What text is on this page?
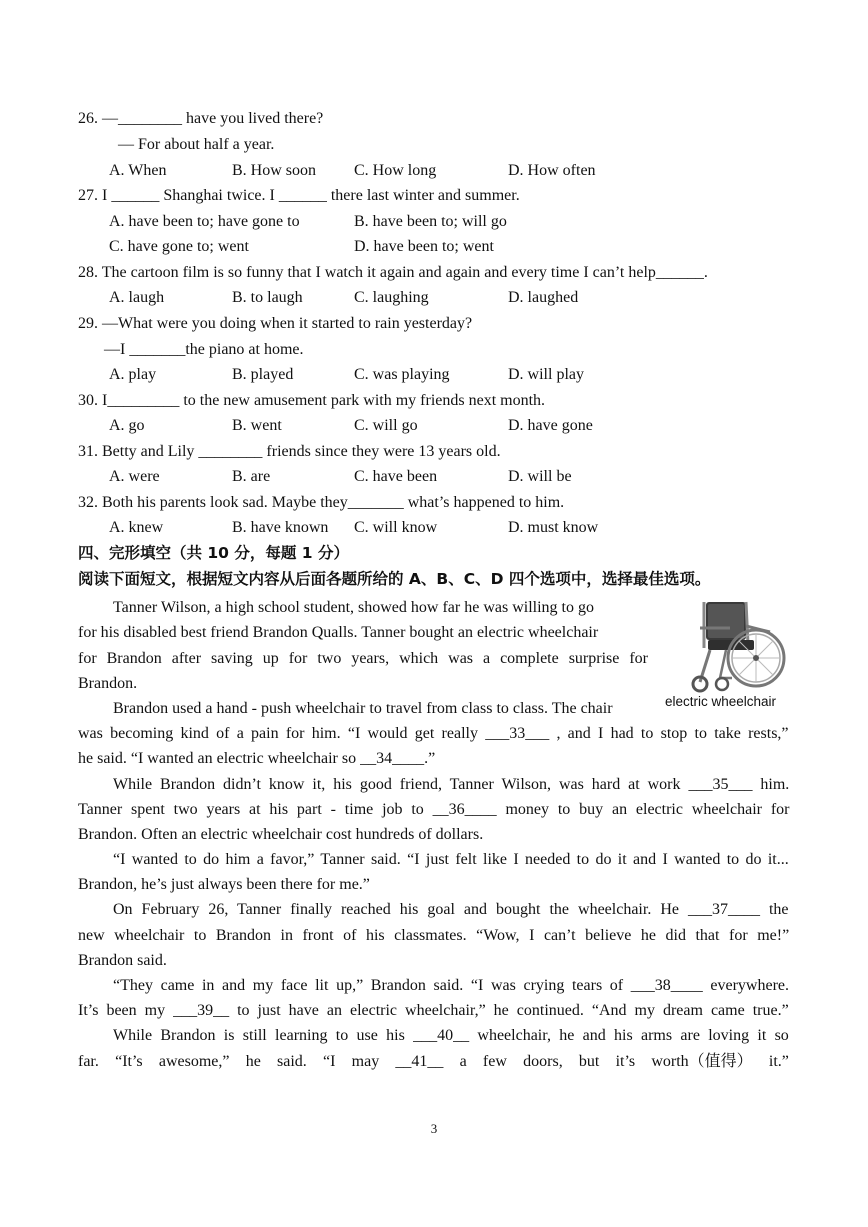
26. —________ have you lived there?
— For about half a year.
A. When	B. How soon C. How long	D. How often
27. I ______ Shanghai twice. I ______ there last winter and summer.
A. have been to; have gone to	B. have been to; will go
C. have gone to; went	D. have been to; went
28. The cartoon film is so funny that I watch it again and again and every time I can’t help______.
A. laugh	B. to laugh	C. laughing	D. laughed
29. —What were you doing when it started to rain yesterday?
—I _______the piano at home.
A. play	B. played	C. was playing	D. will play
30. I_________ to the new amusement park with my friends next month.
A. go	B. went	C. will go	D. have gone
31. Betty and Lily ________ friends since they were 13 years old.
A. were	B. are	C. have been	D. will be
32. Both his parents look sad. Maybe they_______ what’s happened to him.
A. knew	B. have known C. will know	D. must know
四、完形填空（共 10 分，每题 1 分）
阅读下面短文，根据短文内容从后面各题所给的 A、B、C、D 四个选项中，选择最佳选项。
electric wheelchair
Tanner Wilson, a high school student, showed how far he was willing to go
for his disabled best friend Brandon Qualls. Tanner bought an electric wheelchair
for Brandon after saving up for two years, which was a complete surprise for
Brandon.
Brandon used a hand - push wheelchair to travel from class to class. The chair
was becoming kind of a pain for him. “I would get really ___33___ , and I had to stop to take rests,”
he said. “I wanted an electric wheelchair so __34____.”
While Brandon didn’t know it, his good friend, Tanner Wilson, was hard at work ___35___ him.
Tanner spent two years at his part - time job to __36____ money to buy an electric wheelchair for
Brandon. Often an electric wheelchair cost hundreds of dollars.
“I wanted to do him a favor,” Tanner said. “I just felt like I needed to do it and I wanted to do it...
Brandon, he’s just always been there for me.”
On February 26, Tanner finally reached his goal and bought the wheelchair. He ___37____ the
new wheelchair to Brandon in front of his classmates. “Wow, I can’t believe he did that for me!”
Brandon said.
“They came in and my face lit up,” Brandon said. “I was crying tears of ___38____ everywhere.
It’s been my ___39__ to just have an electric wheelchair,” he continued. “And my dream came true.”
While Brandon is still learning to use his ___40__ wheelchair, he and his arms are loving it so
far. “It’s awesome,” he said. “I may __41__ a few doors, but it’s worth（值得） it.”
3
